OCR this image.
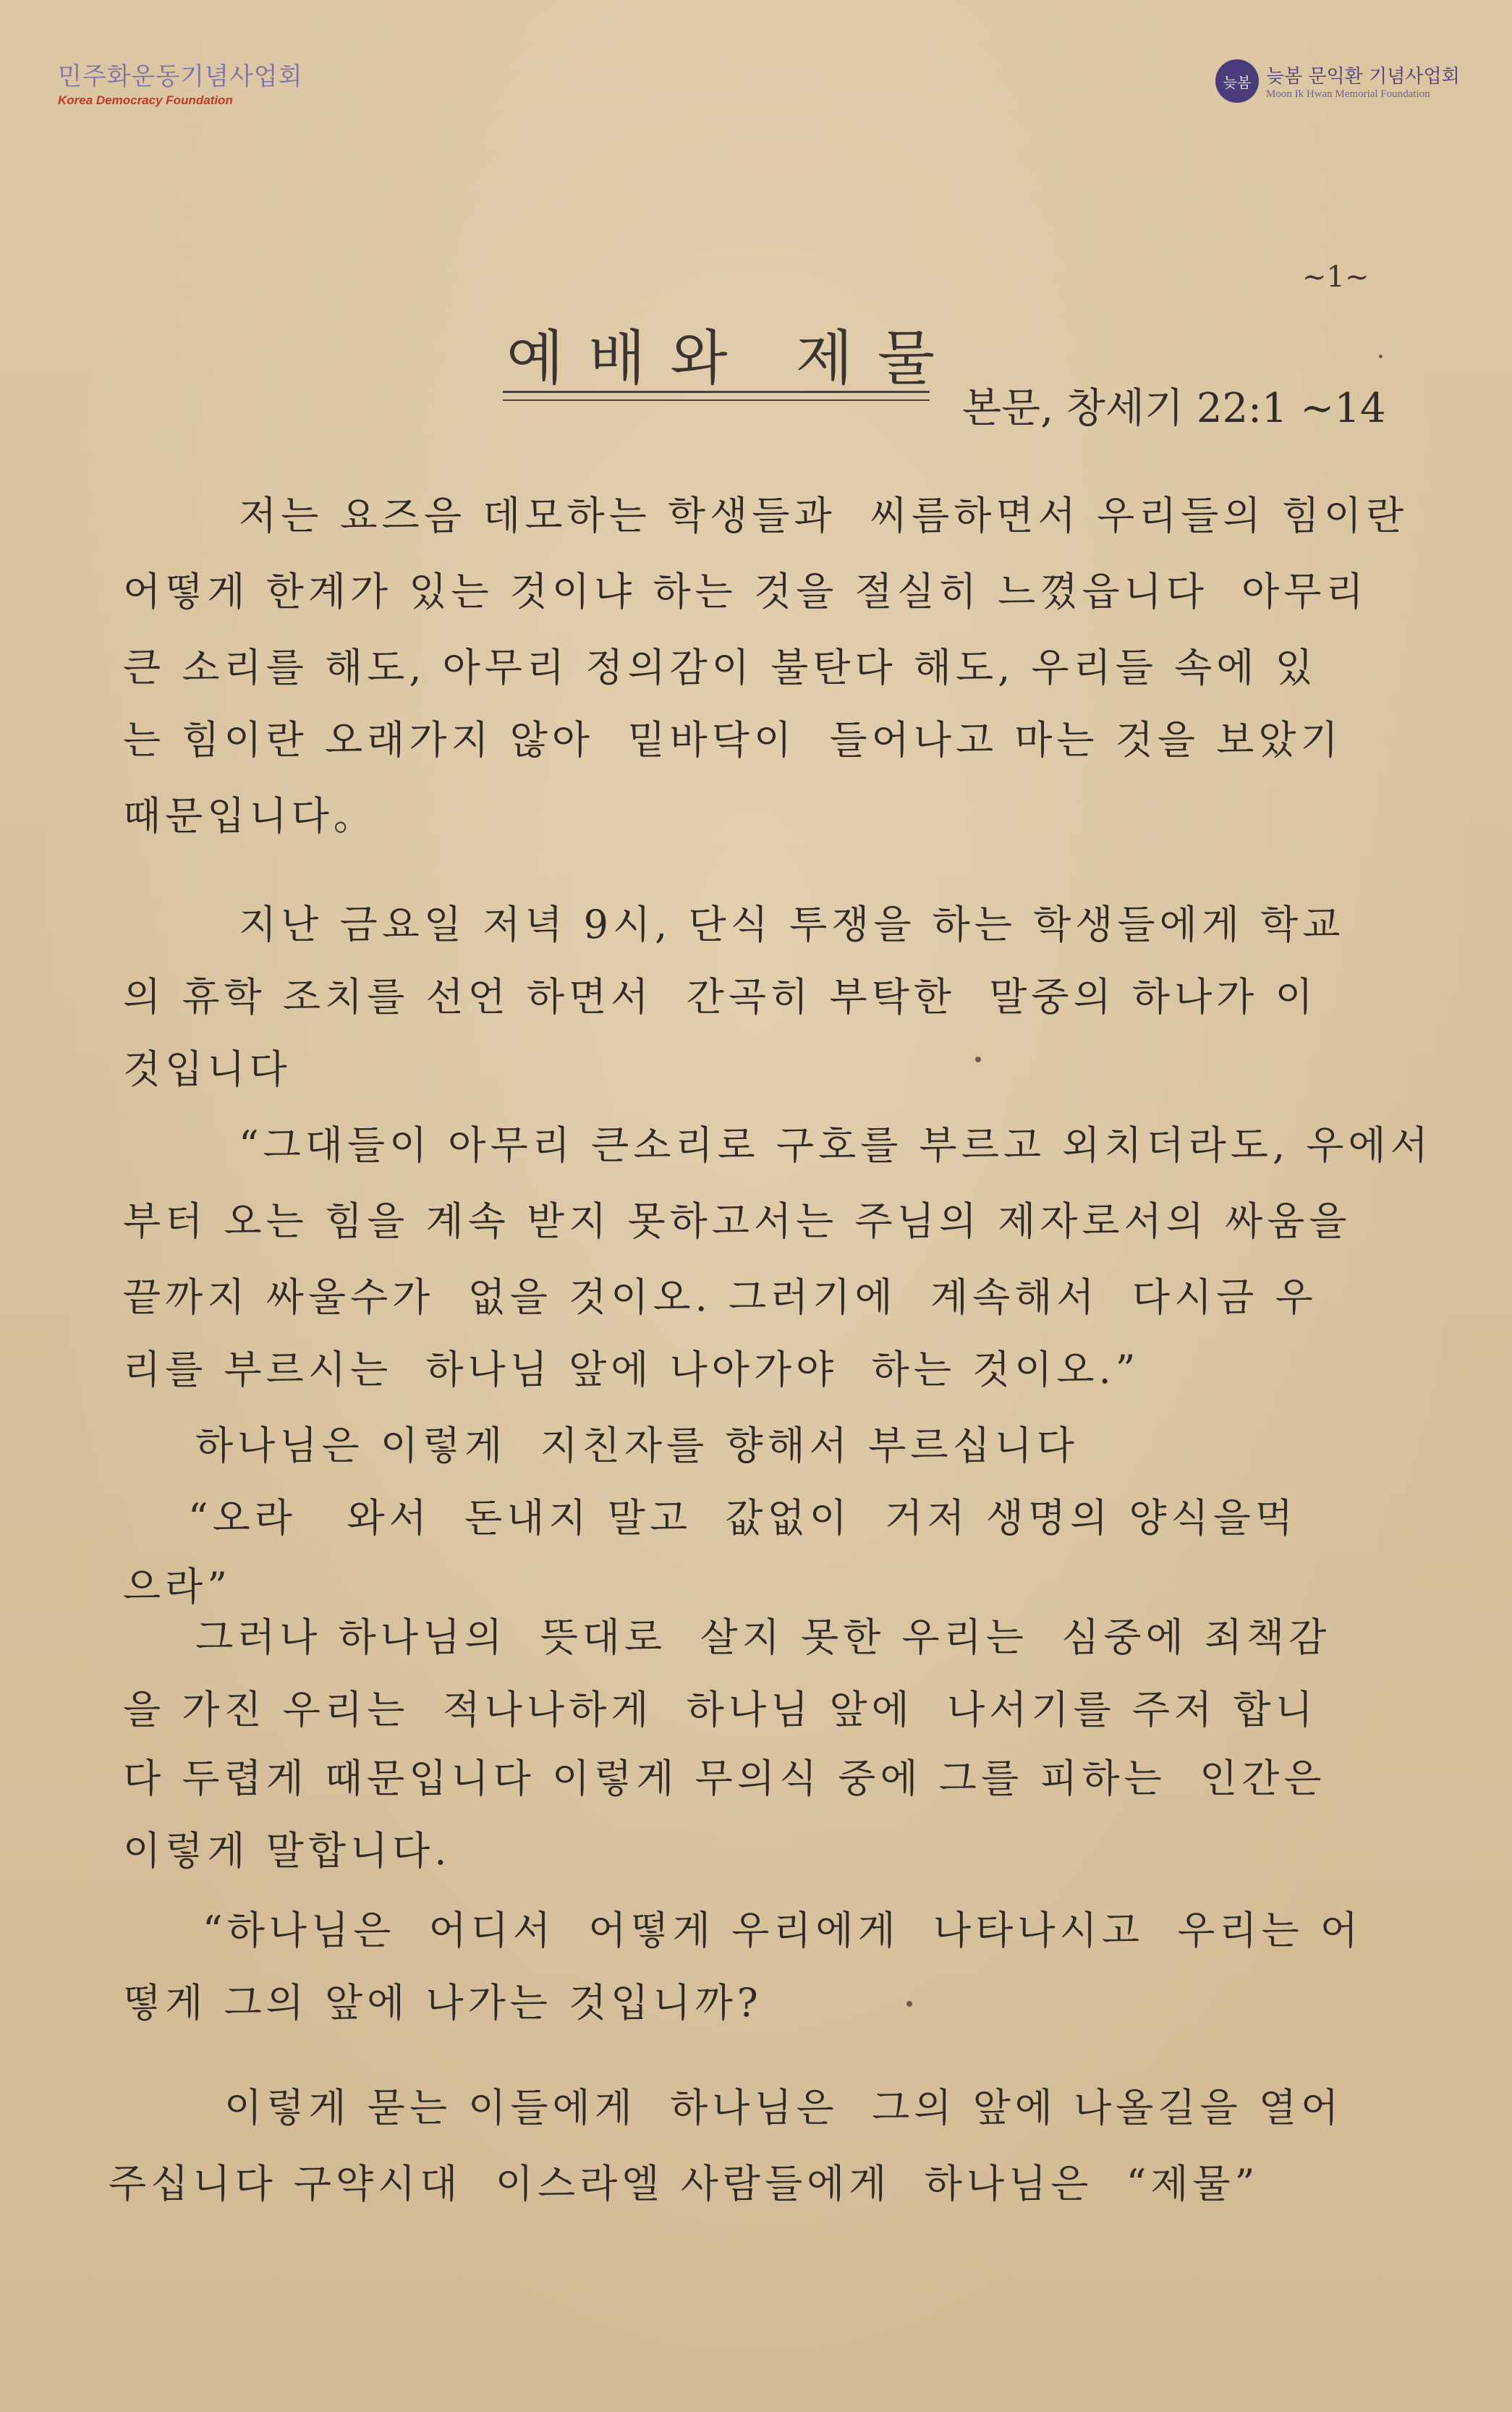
민주화운동기념사업회
Korea Democracy Foundation
늦봄 늦봄 문익환 기념사업회
Moon Ik Hwan Memorial Foundation
~1~
예배와 제물
본문, 창세기 22:1 ~14
저는 요즈음 데모하는 학생들과  씨름하면서 우리들의 힘이란
어떻게 한계가 있는 것이냐 하는 것을 절실히 느꼈읍니다  아무리
큰 소리를 해도, 아무리 정의감이 불탄다 해도, 우리들 속에 있
는 힘이란 오래가지 않아  밑바닥이  들어나고 마는 것을 보았기
때문입니다。
지난 금요일 저녁 9시, 단식 투쟁을 하는 학생들에게 학교
의 휴학 조치를 선언 하면서  간곡히 부탁한  말중의 하나가 이
것입니다
“그대들이 아무리 큰소리로 구호를 부르고 외치더라도, 우에서
부터 오는 힘을 계속 받지 못하고서는 주님의 제자로서의 싸움을
끝까지 싸울수가  없을 것이오. 그러기에  계속해서  다시금 우
리를 부르시는  하나님 앞에 나아가야  하는 것이오.”
하나님은 이렇게  지친자를 향해서 부르십니다
“오라   와서  돈내지 말고  값없이  거저 생명의 양식을먹
으라”
그러나 하나님의  뜻대로  살지 못한 우리는  심중에 죄책감
을 가진 우리는  적나나하게  하나님 앞에  나서기를 주저 합니
다 두렵게 때문입니다 이렇게 무의식 중에 그를 피하는  인간은
이렇게 말합니다.
“하나님은  어디서  어떻게 우리에게  나타나시고  우리는 어
떻게 그의 앞에 나가는 것입니까?
이렇게 묻는 이들에게  하나님은  그의 앞에 나올길을 열어
주십니다 구약시대  이스라엘 사람들에게  하나님은  “제물”
